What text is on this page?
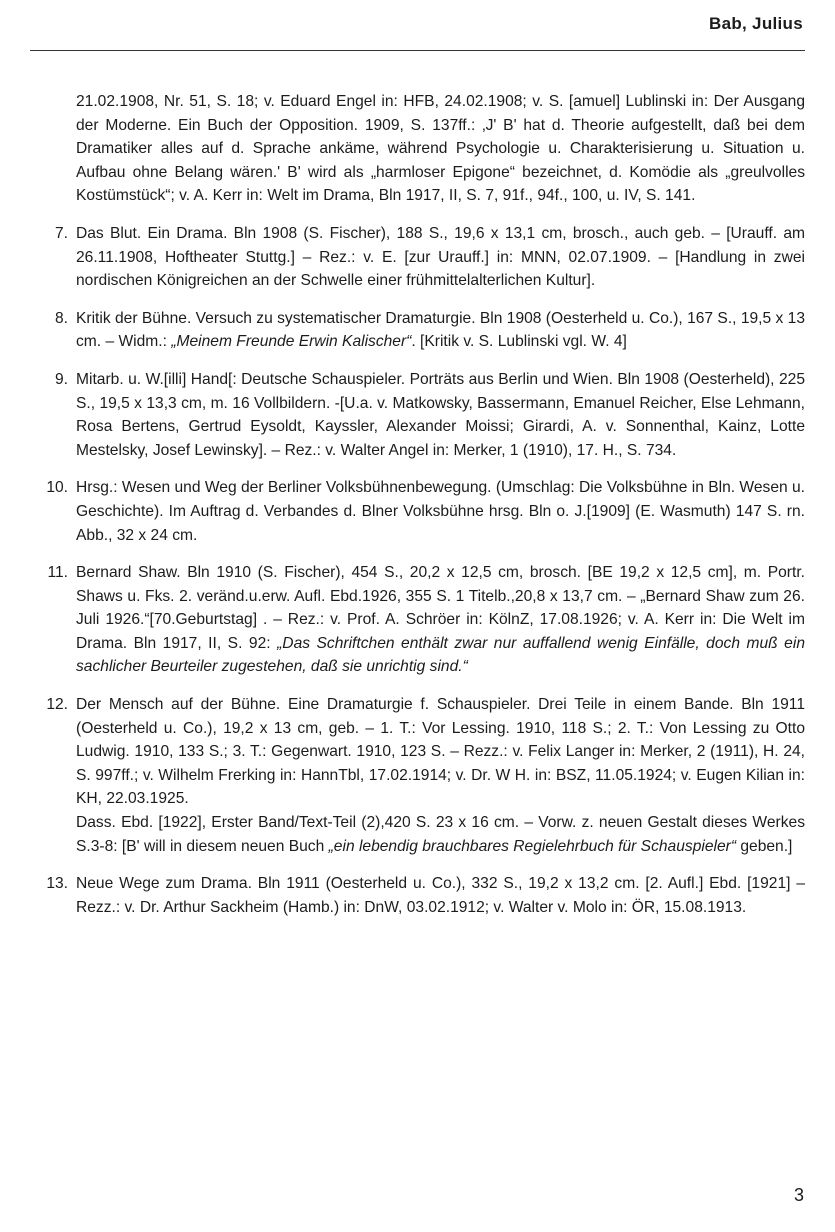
Bab, Julius
21.02.1908, Nr. 51, S. 18; v. Eduard Engel in: HFB, 24.02.1908; v. S. [amuel] Lublinski in: Der Ausgang der Moderne. Ein Buch der Opposition. 1909, S. 137ff.: ‚J' B' hat d. Theorie aufgestellt, daß bei dem Dramatiker alles auf d. Sprache ankäme, während Psychologie u. Charakterisierung u. Situation u. Aufbau ohne Belang wären.' B' wird als „harmloser Epigone“ bezeichnet, d. Komödie als „greulvolles Kostümstück“; v. A. Kerr in: Welt im Drama, Bln 1917, II, S. 7, 91f., 94f., 100, u. IV, S. 141.
7. Das Blut. Ein Drama. Bln 1908 (S. Fischer), 188 S., 19,6 x 13,1 cm, brosch., auch geb. – [Urauff. am 26.11.1908, Hoftheater Stuttg.] – Rez.: v. E. [zur Urauff.] in: MNN, 02.07.1909. – [Handlung in zwei nordischen Königreichen an der Schwelle einer frühmittelalterlichen Kultur].
8. Kritik der Bühne. Versuch zu systematischer Dramaturgie. Bln 1908 (Oesterheld u. Co.), 167 S., 19,5 x 13 cm. – Widm.: „Meinem Freunde Erwin Kalischer“. [Kritik v. S. Lublinski vgl. W. 4]
9. Mitarb. u. W.[illi] Hand[: Deutsche Schauspieler. Porträts aus Berlin und Wien. Bln 1908 (Oesterheld), 225 S., 19,5 x 13,3 cm, m. 16 Vollbildern. -[U.a. v. Matkowsky, Bassermann, Emanuel Reicher, Else Lehmann, Rosa Bertens, Gertrud Eysoldt, Kayssler, Alexander Moissi; Girardi, A. v. Sonnenthal, Kainz, Lotte Mestelsky, Josef Lewinsky]. – Rez.: v. Walter Angel in: Merker, 1 (1910), 17. H., S. 734.
10. Hrsg.: Wesen und Weg der Berliner Volksbühnenbewegung. (Umschlag: Die Volksbühne in Bln. Wesen u. Geschichte). Im Auftrag d. Verbandes d. Blner Volksbühne hrsg. Bln o. J.[1909] (E. Wasmuth) 147 S. rn. Abb., 32 x 24 cm.
11. Bernard Shaw. Bln 1910 (S. Fischer), 454 S., 20,2 x 12,5 cm, brosch. [BE 19,2 x 12,5 cm], m. Portr. Shaws u. Fks. 2. veränd.u.erw. Aufl. Ebd.1926, 355 S. 1 Titelb.,20,8 x 13,7 cm. – „Bernard Shaw zum 26. Juli 1926.“[70.Geburtstag] . – Rez.: v. Prof. A. Schröer in: KölnZ, 17.08.1926; v. A. Kerr in: Die Welt im Drama. Bln 1917, II, S. 92: „Das Schriftchen enthält zwar nur auffallend wenig Einfälle, doch muß ein sachlicher Beurteiler zugestehen, daß sie unrichtig sind.“
12. Der Mensch auf der Bühne. Eine Dramaturgie f. Schauspieler. Drei Teile in einem Bande. Bln 1911 (Oesterheld u. Co.), 19,2 x 13 cm, geb. – 1. T.: Vor Lessing. 1910, 118 S.; 2. T.: Von Lessing zu Otto Ludwig. 1910, 133 S.; 3. T.: Gegenwart. 1910, 123 S. – Rezz.: v. Felix Langer in: Merker, 2 (1911), H. 24, S. 997ff.; v. Wilhelm Frerking in: HannTbl, 17.02.1914; v. Dr. W H. in: BSZ, 11.05.1924; v. Eugen Kilian in: KH, 22.03.1925.
Dass. Ebd. [1922], Erster Band/Text-Teil (2),420 S. 23 x 16 cm. – Vorw. z. neuen Gestalt dieses Werkes S.3-8: [B' will in diesem neuen Buch „ein lebendig brauchbares Regielehrbuch für Schauspieler“ geben.]
13. Neue Wege zum Drama. Bln 1911 (Oesterheld u. Co.), 332 S., 19,2 x 13,2 cm. [2. Aufl.] Ebd. [1921] – Rezz.: v. Dr. Arthur Sackheim (Hamb.) in: DnW, 03.02.1912; v. Walter v. Molo in: ÖR, 15.08.1913.
3
